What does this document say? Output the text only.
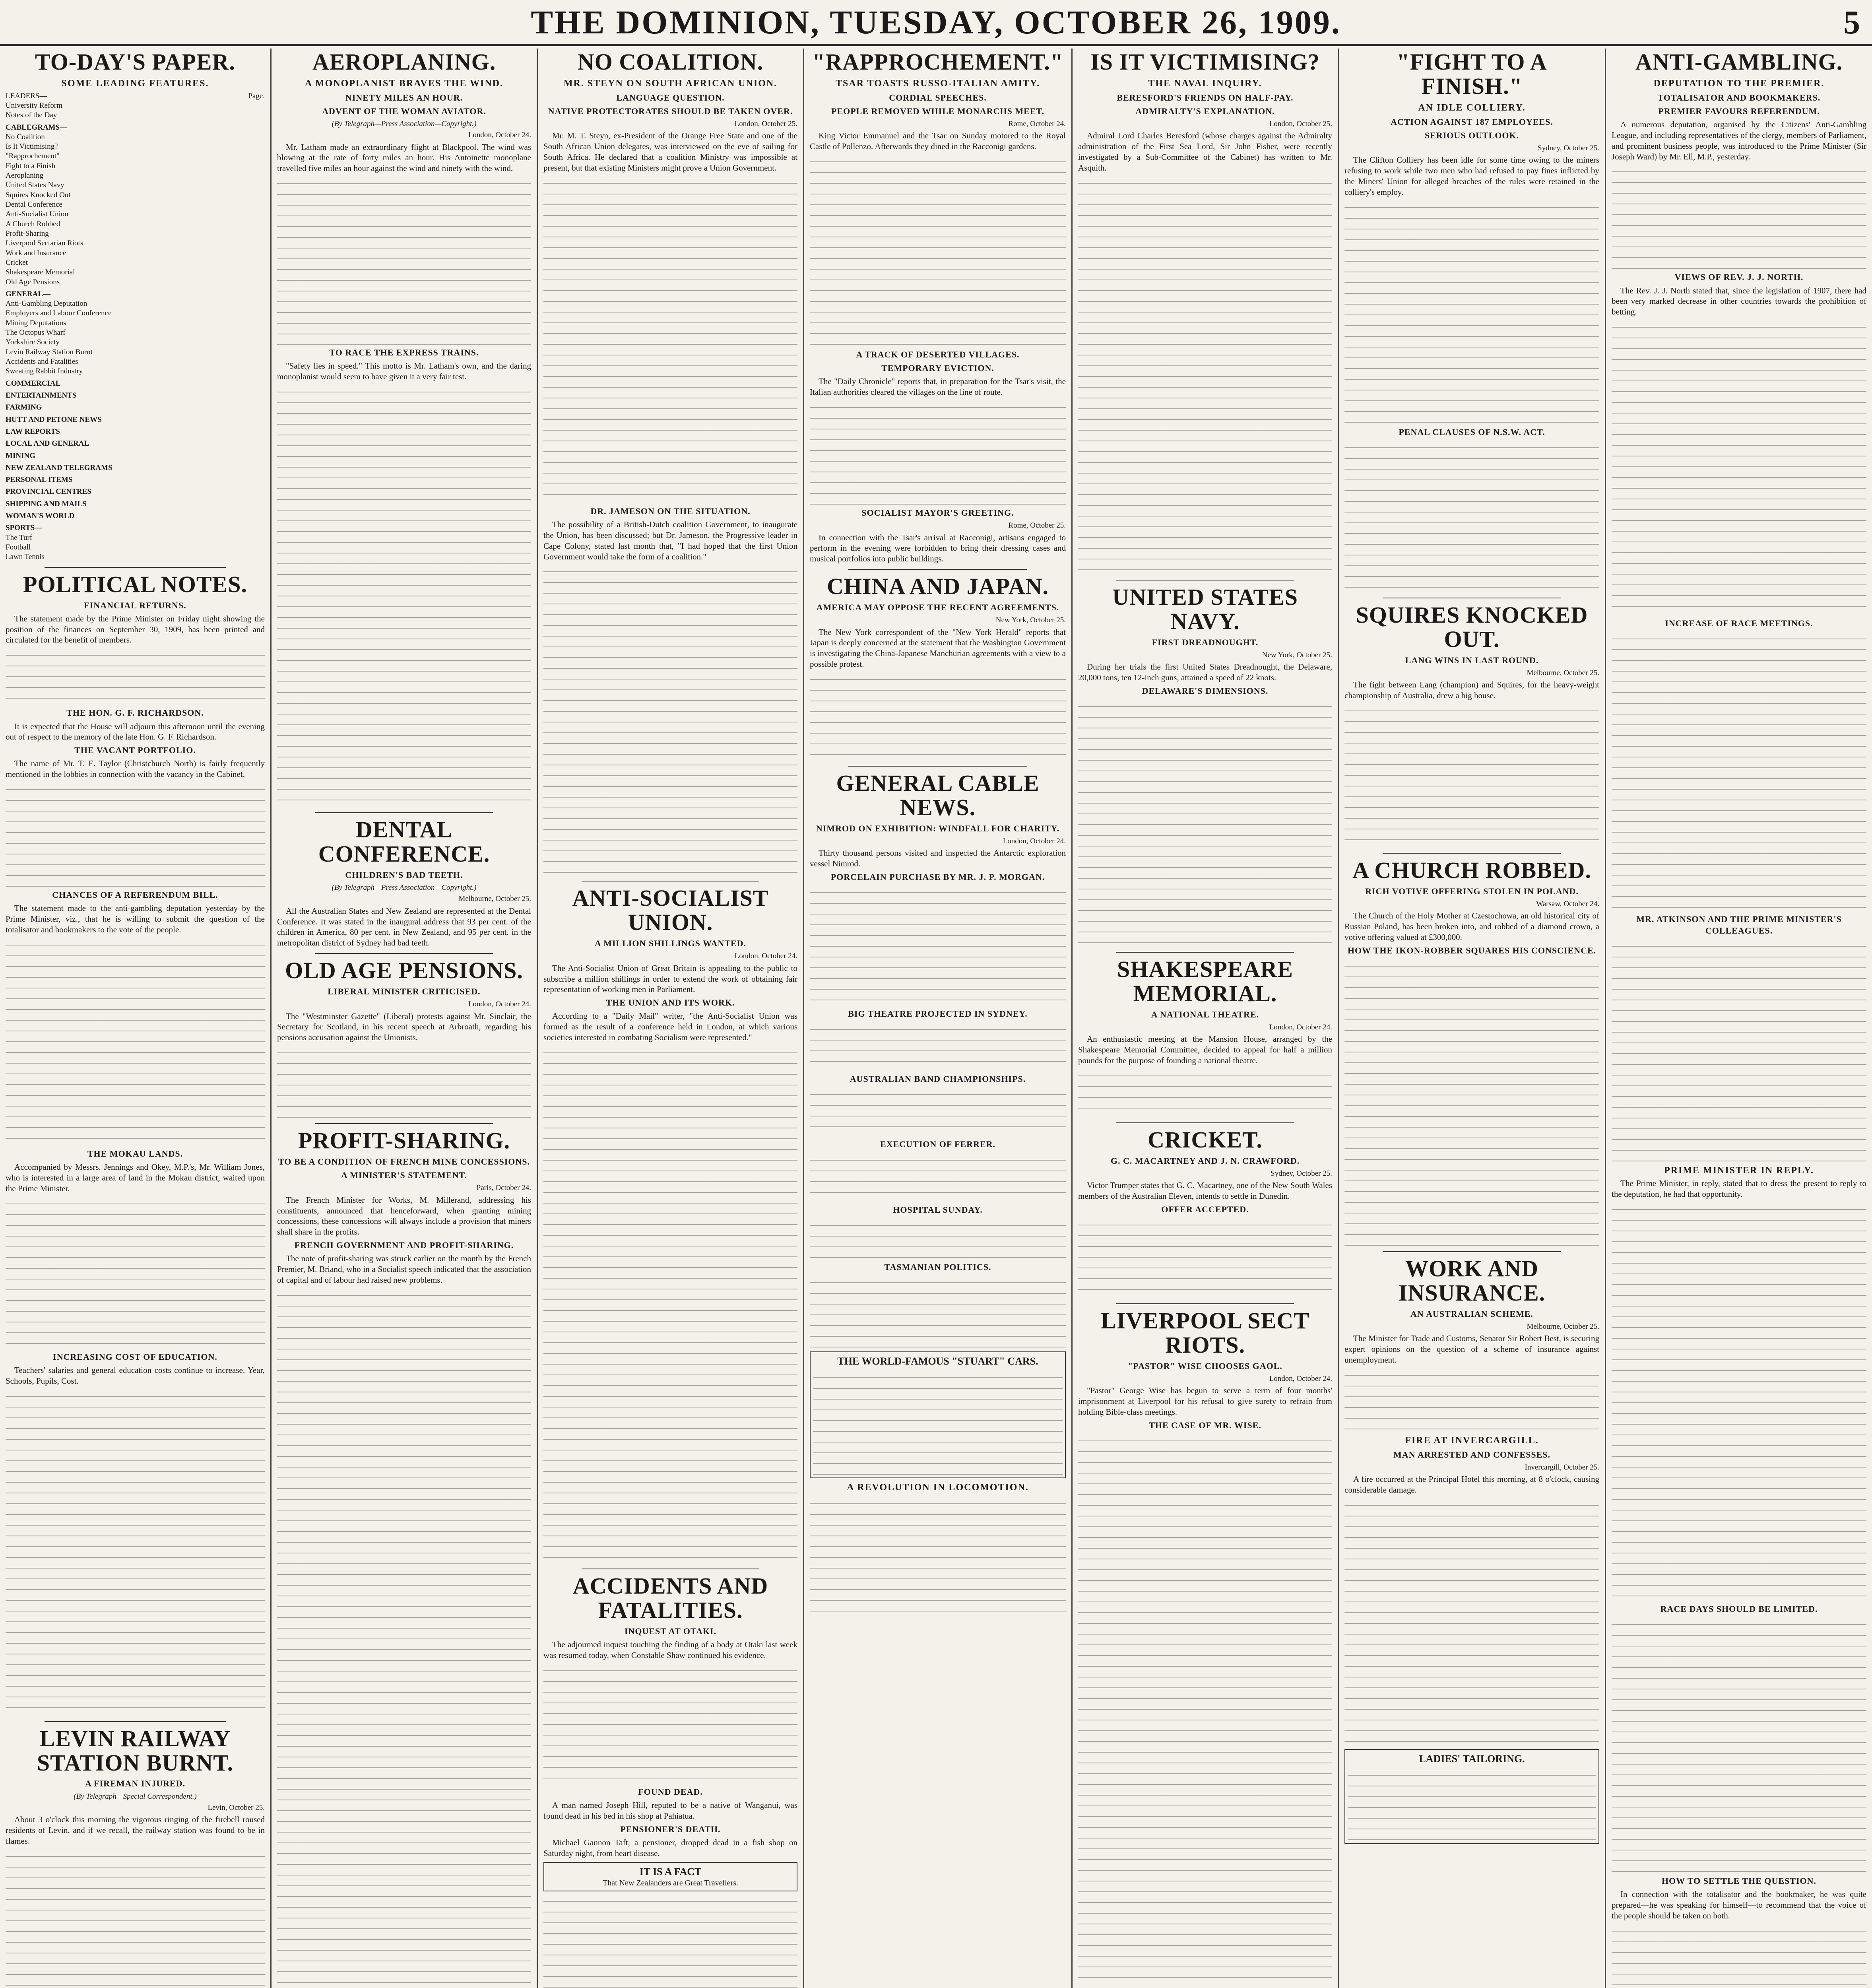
THE DOMINION, TUESDAY, OCTOBER 26, 1909.	5
TO-DAY'S PAPER.
SOME LEADING FEATURES.
LEADERS—	Page.
University Reform
Notes of the Day
CABLEGRAMS—
No Coalition
Is It Victimising?
"Rapprochement"
Fight to a Finish
Aeroplaning
United States Navy
Squires Knocked Out
Dental Conference
Anti-Socialist Union
A Church Robbed
Profit-Sharing
Liverpool Sectarian Riots
Work and Insurance
Cricket
Shakespeare Memorial
Old Age Pensions
GENERAL—
Anti-Gambling Deputation
Employers and Labour Conference
Mining Deputations
The Octopus Wharf
Yorkshire Society
Levin Railway Station Burnt
Accidents and Fatalities
Sweating Rabbit Industry
COMMERCIAL
ENTERTAINMENTS
FARMING
HUTT AND PETONE NEWS
LAW REPORTS
LOCAL AND GENERAL
MINING
NEW ZEALAND TELEGRAMS
PERSONAL ITEMS
PROVINCIAL CENTRES
SHIPPING AND MAILS
WOMAN'S WORLD
SPORTS—
The Turf
Football
Lawn Tennis
POLITICAL NOTES.
FINANCIAL RETURNS.

The statement made by the Prime Minister on Friday night showing the position of the finances on September 30, 1909, has been printed and circulated for the benefit of members.

THE HON. G. F. RICHARDSON.

It is expected that the House will adjourn this afternoon until the evening out of respect to the memory of the late Hon. G. F. Richardson.

THE VACANT PORTFOLIO.

The name of Mr. T. E. Taylor (Christchurch North) is fairly frequently mentioned in the lobbies in connection with the vacancy in the Cabinet.

CHANCES OF A REFERENDUM BILL.

The statement made to the anti-gambling deputation yesterday by the Prime Minister, viz., that he is willing to submit the question of the totalisator and bookmakers to the vote of the people.

THE MOKAU LANDS.

Accompanied by Messrs. Jennings and Okey, M.P.'s, Mr. William Jones, who is interested in a large area of land in the Mokau district, waited upon the Prime Minister.

INCREASING COST OF EDUCATION.

Teachers' salaries and general education costs continue to increase. Year, Schools, Pupils, Cost.

LEVIN RAILWAY STATION BURNT.
A FIREMAN INJURED.
(By Telegraph—Special Correspondent.)
Levin, October 25.

About 3 o'clock this morning the vigorous ringing of the firebell roused residents of Levin, and if we recall, the railway station was found to be in flames.

AEROPLANING.
A MONOPLANIST BRAVES THE WIND.
NINETY MILES AN HOUR.
ADVENT OF THE WOMAN AVIATOR.
(By Telegraph—Press Association—Copyright.)
London, October 24.

Mr. Latham made an extraordinary flight at Blackpool. The wind was blowing at the rate of forty miles an hour. His Antoinette monoplane travelled five miles an hour against the wind and ninety with the wind.

TO RACE THE EXPRESS TRAINS.

"Safety lies in speed." This motto is Mr. Latham's own, and the daring monoplanist would seem to have given it a very fair test.

DENTAL CONFERENCE.
CHILDREN'S BAD TEETH.
(By Telegraph—Press Association—Copyright.)
Melbourne, October 25.

All the Australian States and New Zealand are represented at the Dental Conference. It was stated in the inaugural address that 93 per cent. of the children in America, 80 per cent. in New Zealand, and 95 per cent. in the metropolitan district of Sydney had bad teeth.

OLD AGE PENSIONS.
LIBERAL MINISTER CRITICISED.
London, October 24.

The "Westminster Gazette" (Liberal) protests against Mr. Sinclair, the Secretary for Scotland, in his recent speech at Arbroath, regarding his pensions accusation against the Unionists.

PROFIT-SHARING.
TO BE A CONDITION OF FRENCH MINE CONCESSIONS.
A MINISTER'S STATEMENT.
Paris, October 24.

The French Minister for Works, M. Millerand, addressing his constituents, announced that henceforward, when granting mining concessions, these concessions will always include a provision that miners shall share in the profits.

FRENCH GOVERNMENT AND PROFIT-SHARING.

The note of profit-sharing was struck earlier on the month by the French Premier, M. Briand, who in a Socialist speech indicated that the association of capital and of labour had raised new problems.

NO COALITION.
MR. STEYN ON SOUTH AFRICAN UNION.
LANGUAGE QUESTION.
NATIVE PROTECTORATES SHOULD BE TAKEN OVER.
London, October 25.

Mr. M. T. Steyn, ex-President of the Orange Free State and one of the South African Union delegates, was interviewed on the eve of sailing for South Africa. He declared that a coalition Ministry was impossible at present, but that existing Ministers might prove a Union Government.

DR. JAMESON ON THE SITUATION.

The possibility of a British-Dutch coalition Government, to inaugurate the Union, has been discussed; but Dr. Jameson, the Progressive leader in Cape Colony, stated last month that, "I had hoped that the first Union Government would take the form of a coalition."

ANTI-SOCIALIST UNION.
A MILLION SHILLINGS WANTED.
London, October 24.

The Anti-Socialist Union of Great Britain is appealing to the public to subscribe a million shillings in order to extend the work of obtaining fair representation of working men in Parliament.

THE UNION AND ITS WORK.

According to a "Daily Mail" writer, "the Anti-Socialist Union was formed as the result of a conference held in London, at which various societies interested in combating Socialism were represented."

ACCIDENTS AND FATALITIES.
INQUEST AT OTAKI.

The adjourned inquest touching the finding of a body at Otaki last week was resumed today, when Constable Shaw continued his evidence.

FOUND DEAD.

A man named Joseph Hill, reputed to be a native of Wanganui, was found dead in his bed in his shop at Pahiatua.

PENSIONER'S DEATH.

Michael Gannon Taft, a pensioner, dropped dead in a fish shop on Saturday night, from heart disease.

IT IS A FACT
That New Zealanders are Great Travellers.
"RAPPROCHEMENT."
TSAR TOASTS RUSSO-ITALIAN AMITY.
CORDIAL SPEECHES.
PEOPLE REMOVED WHILE MONARCHS MEET.
Rome, October 24.

King Victor Emmanuel and the Tsar on Sunday motored to the Royal Castle of Pollenzo. Afterwards they dined in the Racconigi gardens.

A TRACK OF DESERTED VILLAGES.
TEMPORARY EVICTION.

The "Daily Chronicle" reports that, in preparation for the Tsar's visit, the Italian authorities cleared the villages on the line of route.

SOCIALIST MAYOR'S GREETING.
Rome, October 25.

In connection with the Tsar's arrival at Racconigi, artisans engaged to perform in the evening were forbidden to bring their dressing cases and musical portfolios into public buildings.

CHINA AND JAPAN.
AMERICA MAY OPPOSE THE RECENT AGREEMENTS.
New York, October 25.

The New York correspondent of the "New York Herald" reports that Japan is deeply concerned at the statement that the Washington Government is investigating the China-Japanese Manchurian agreements with a view to a possible protest.

GENERAL CABLE NEWS.
NIMROD ON EXHIBITION: WINDFALL FOR CHARITY.
London, October 24.

Thirty thousand persons visited and inspected the Antarctic exploration vessel Nimrod.

PORCELAIN PURCHASE BY MR. J. P. MORGAN.
BIG THEATRE PROJECTED IN SYDNEY.
AUSTRALIAN BAND CHAMPIONSHIPS.
EXECUTION OF FERRER.
HOSPITAL SUNDAY.
TASMANIAN POLITICS.
THE WORLD-FAMOUS "STUART" CARS.
A REVOLUTION IN LOCOMOTION.
IS IT VICTIMISING?
THE NAVAL INQUIRY.
BERESFORD'S FRIENDS ON HALF-PAY.
ADMIRALTY'S EXPLANATION.
London, October 25.

Admiral Lord Charles Beresford (whose charges against the Admiralty administration of the First Sea Lord, Sir John Fisher, were recently investigated by a Sub-Committee of the Cabinet) has written to Mr. Asquith.

UNITED STATES NAVY.
FIRST DREADNOUGHT.
New York, October 25.

During her trials the first United States Dreadnought, the Delaware, 20,000 tons, ten 12-inch guns, attained a speed of 22 knots.

DELAWARE'S DIMENSIONS.
SHAKESPEARE MEMORIAL.
A NATIONAL THEATRE.
London, October 24.

An enthusiastic meeting at the Mansion House, arranged by the Shakespeare Memorial Committee, decided to appeal for half a million pounds for the purpose of founding a national theatre.

CRICKET.
G. C. MACARTNEY AND J. N. CRAWFORD.
Sydney, October 25.

Victor Trumper states that G. C. Macartney, one of the New South Wales members of the Australian Eleven, intends to settle in Dunedin.

OFFER ACCEPTED.
LIVERPOOL SECT RIOTS.
"PASTOR" WISE CHOOSES GAOL.
London, October 24.

"Pastor" George Wise has begun to serve a term of four months' imprisonment at Liverpool for his refusal to give surety to refrain from holding Bible-class meetings.

THE CASE OF MR. WISE.
"FIGHT TO A FINISH."
AN IDLE COLLIERY.
ACTION AGAINST 187 EMPLOYEES.
SERIOUS OUTLOOK.
Sydney, October 25.

The Clifton Colliery has been idle for some time owing to the miners refusing to work while two men who had refused to pay fines inflicted by the Miners' Union for alleged breaches of the rules were retained in the colliery's employ.

PENAL CLAUSES OF N.S.W. ACT.
SQUIRES KNOCKED OUT.
LANG WINS IN LAST ROUND.
Melbourne, October 25.

The fight between Lang (champion) and Squires, for the heavy-weight championship of Australia, drew a big house.

A CHURCH ROBBED.
RICH VOTIVE OFFERING STOLEN IN POLAND.
Warsaw, October 24.

The Church of the Holy Mother at Czestochowa, an old historical city of Russian Poland, has been broken into, and robbed of a diamond crown, a votive offering valued at £300,000.

HOW THE IKON-ROBBER SQUARES HIS CONSCIENCE.
WORK AND INSURANCE.
AN AUSTRALIAN SCHEME.
Melbourne, October 25.

The Minister for Trade and Customs, Senator Sir Robert Best, is securing expert opinions on the question of a scheme of insurance against unemployment.

FIRE AT INVERCARGILL.
MAN ARRESTED AND CONFESSES.
Invercargill, October 25.

A fire occurred at the Principal Hotel this morning, at 8 o'clock, causing considerable damage.

LADIES' TAILORING.
ANTI-GAMBLING.
DEPUTATION TO THE PREMIER.
TOTALISATOR AND BOOKMAKERS.
PREMIER FAVOURS REFERENDUM.

A numerous deputation, organised by the Citizens' Anti-Gambling League, and including representatives of the clergy, members of Parliament, and prominent business people, was introduced to the Prime Minister (Sir Joseph Ward) by Mr. Ell, M.P., yesterday.

VIEWS OF REV. J. J. NORTH.

The Rev. J. J. North stated that, since the legislation of 1907, there had been very marked decrease in other countries towards the prohibition of betting.

INCREASE OF RACE MEETINGS.
MR. ATKINSON AND THE PRIME MINISTER'S COLLEAGUES.
PRIME MINISTER IN REPLY.

The Prime Minister, in reply, stated that to dress the present to reply to the deputation, he had that opportunity.

RACE DAYS SHOULD BE LIMITED.
HOW TO SETTLE THE QUESTION.

In connection with the totalisator and the bookmaker, he was quite prepared—he was speaking for himself—to recommend that the voice of the people should be taken on both.
